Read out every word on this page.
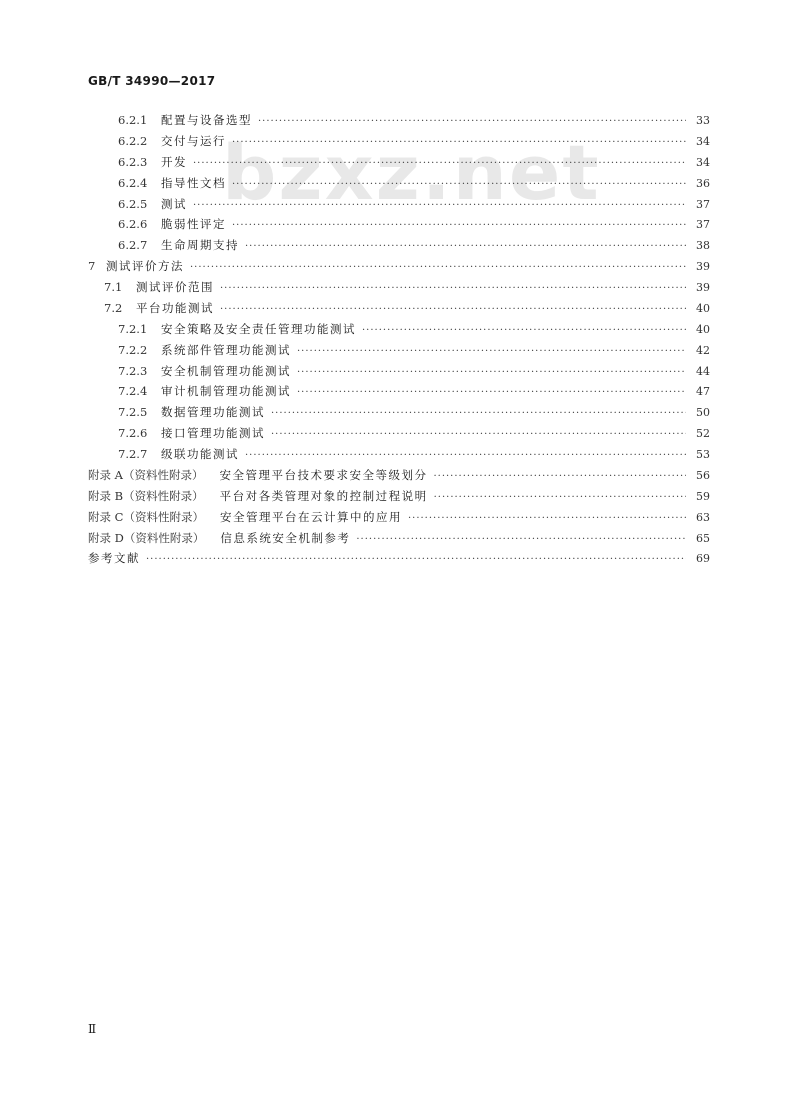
GB/T 34990—2017
bzxz.net
6.2.1	配置与设备选型 ·····	33
6.2.2	交付与运行 ·····	34
6.2.3	开发 ·····	34
6.2.4	指导性文档 ·····	36
6.2.5	测试 ·····	37
6.2.6	脆弱性评定 ·····	37
6.2.7	生命周期支持 ·····	38
7 测试评价方法 ·····	39
7.1	测试评价范围 ·····	39
7.2	平台功能测试 ·····	40
7.2.1	安全策略及安全责任管理功能测试 ·····	40
7.2.2	系统部件管理功能测试 ·····	42
7.2.3	安全机制管理功能测试 ·····	44
7.2.4	审计机制管理功能测试 ·····	47
7.2.5	数据管理功能测试 ·····	50
7.2.6	接口管理功能测试 ·····	52
7.2.7	级联功能测试 ·····	53
附录 A（资料性附录） 安全管理平台技术要求安全等级划分 ·····	56
附录 B（资料性附录） 平台对各类管理对象的控制过程说明 ·····	59
附录 C（资料性附录） 安全管理平台在云计算中的应用 ·····	63
附录 D（资料性附录） 信息系统安全机制参考 ·····	65
参考文献 ·····	69
Ⅱ
